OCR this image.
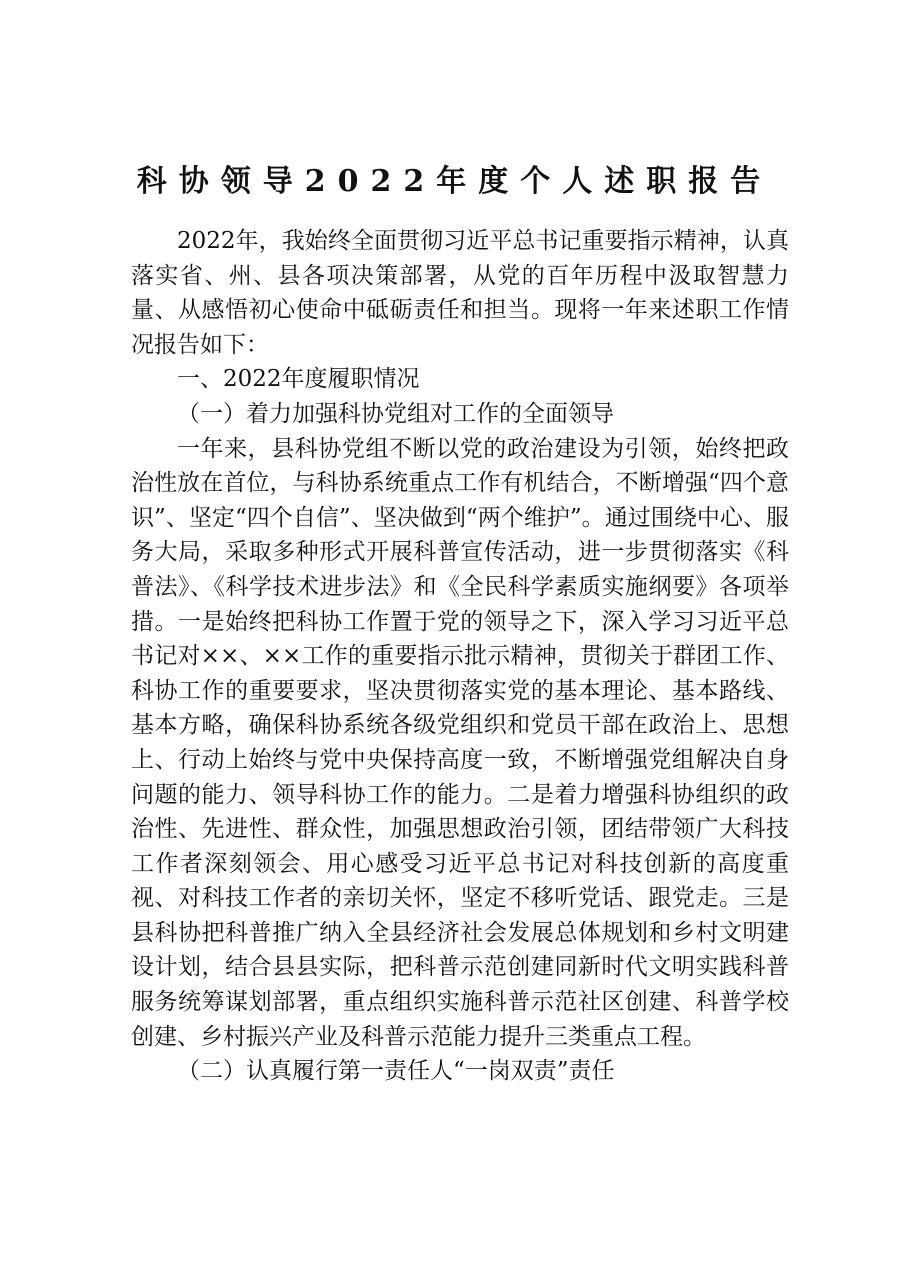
科协领导2022年度个人述职报告

2022年，我始终全面贯彻习近平总书记重要指示精神，认真落实省、州、县各项决策部署，从党的百年历程中汲取智慧力量、从感悟初心使命中砥砺责任和担当。现将一年来述职工作情况报告如下：

一、2022年度履职情况

（一）着力加强科协党组对工作的全面领导

一年来，县科协党组不断以党的政治建设为引领，始终把政治性放在首位，与科协系统重点工作有机结合，不断增强“四个意识”、坚定“四个自信”、坚决做到“两个维护”。通过围绕中心、服务大局，采取多种形式开展科普宣传活动，进一步贯彻落实《科普法》、《科学技术进步法》和《全民科学素质实施纲要》各项举措。一是始终把科协工作置于党的领导之下，深入学习习近平总书记对××、××工作的重要指示批示精神，贯彻关于群团工作、科协工作的重要要求，坚决贯彻落实党的基本理论、基本路线、基本方略，确保科协系统各级党组织和党员干部在政治上、思想上、行动上始终与党中央保持高度一致，不断增强党组解决自身问题的能力、领导科协工作的能力。二是着力增强科协组织的政治性、先进性、群众性，加强思想政治引领，团结带领广大科技工作者深刻领会、用心感受习近平总书记对科技创新的高度重视、对科技工作者的亲切关怀，坚定不移听党话、跟党走。三是县科协把科普推广纳入全县经济社会发展总体规划和乡村文明建设计划，结合县县实际，把科普示范创建同新时代文明实践科普服务统筹谋划部署，重点组织实施科普示范社区创建、科普学校创建、乡村振兴产业及科普示范能力提升三类重点工程。

（二）认真履行第一责任人“一岗双责”责任
